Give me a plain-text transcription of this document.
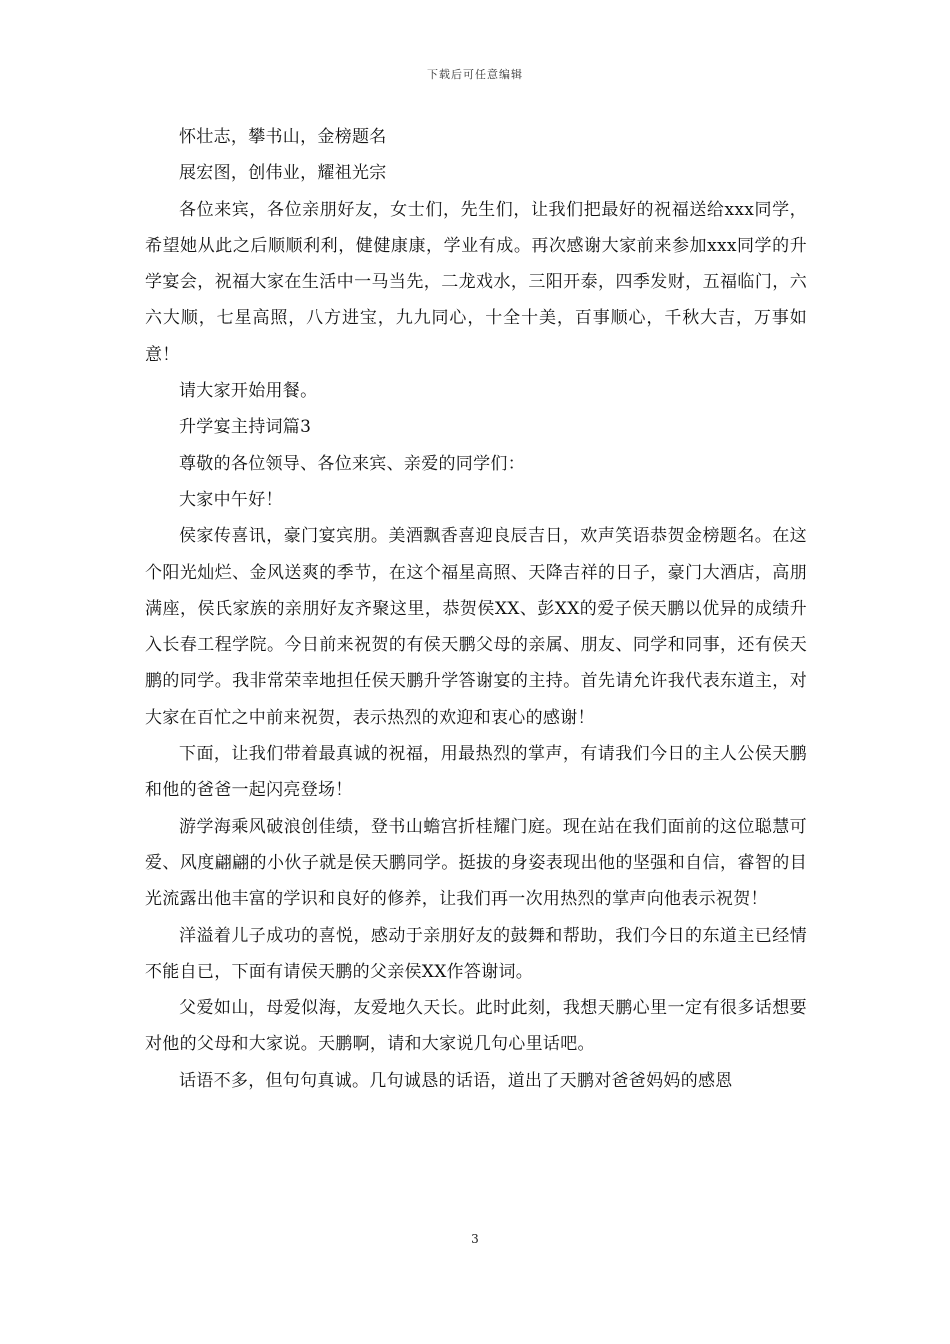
下载后可任意编辑

怀壮志，攀书山，金榜题名

展宏图，创伟业，耀祖光宗

各位来宾，各位亲朋好友，女士们，先生们，让我们把最好的祝福送给xxx同学，希望她从此之后顺顺利利，健健康康，学业有成。再次感谢大家前来参加xxx同学的升学宴会，祝福大家在生活中一马当先，二龙戏水，三阳开泰，四季发财，五福临门，六六大顺，七星高照，八方进宝，九九同心，十全十美，百事顺心，千秋大吉，万事如意！

请大家开始用餐。

升学宴主持词篇3

尊敬的各位领导、各位来宾、亲爱的同学们：

大家中午好！

侯家传喜讯，豪门宴宾朋。美酒飘香喜迎良辰吉日，欢声笑语恭贺金榜题名。在这个阳光灿烂、金风送爽的季节，在这个福星高照、天降吉祥的日子，豪门大酒店，高朋满座，侯氏家族的亲朋好友齐聚这里，恭贺侯XX、彭XX的爱子侯天鹏以优异的成绩升入长春工程学院。今日前来祝贺的有侯天鹏父母的亲属、朋友、同学和同事，还有侯天鹏的同学。我非常荣幸地担任侯天鹏升学答谢宴的主持。首先请允许我代表东道主，对大家在百忙之中前来祝贺，表示热烈的欢迎和衷心的感谢！

下面，让我们带着最真诚的祝福，用最热烈的掌声，有请我们今日的主人公侯天鹏和他的爸爸一起闪亮登场！

游学海乘风破浪创佳绩，登书山蟾宫折桂耀门庭。现在站在我们面前的这位聪慧可爱、风度翩翩的小伙子就是侯天鹏同学。挺拔的身姿表现出他的坚强和自信，睿智的目光流露出他丰富的学识和良好的修养，让我们再一次用热烈的掌声向他表示祝贺！

洋溢着儿子成功的喜悦，感动于亲朋好友的鼓舞和帮助，我们今日的东道主已经情不能自已，下面有请侯天鹏的父亲侯XX作答谢词。

父爱如山，母爱似海，友爱地久天长。此时此刻，我想天鹏心里一定有很多话想要对他的父母和大家说。天鹏啊，请和大家说几句心里话吧。

话语不多，但句句真诚。几句诚恳的话语，道出了天鹏对爸爸妈妈的感恩

3
